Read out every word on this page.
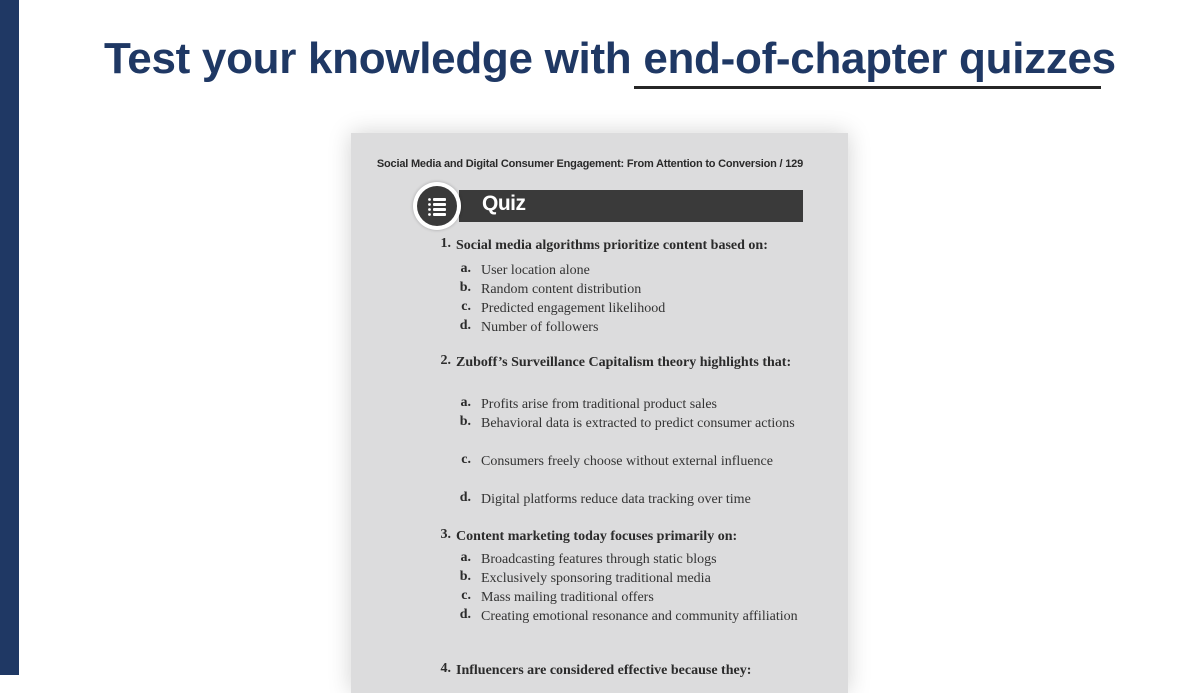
Test your knowledge with end-of-chapter quizzes
Social Media and Digital Consumer Engagement: From Attention to Conversion / 129
Quiz
1. Social media algorithms prioritize content based on:
a. User location alone
b. Random content distribution
c. Predicted engagement likelihood
d. Number of followers
2. Zuboff’s Surveillance Capitalism theory highlights that:
a. Profits arise from traditional product sales
b. Behavioral data is extracted to predict consumer actions
c. Consumers freely choose without external influence
d. Digital platforms reduce data tracking over time
3. Content marketing today focuses primarily on:
a. Broadcasting features through static blogs
b. Exclusively sponsoring traditional media
c. Mass mailing traditional offers
d. Creating emotional resonance and community affiliation
4. Influencers are considered effective because they:
